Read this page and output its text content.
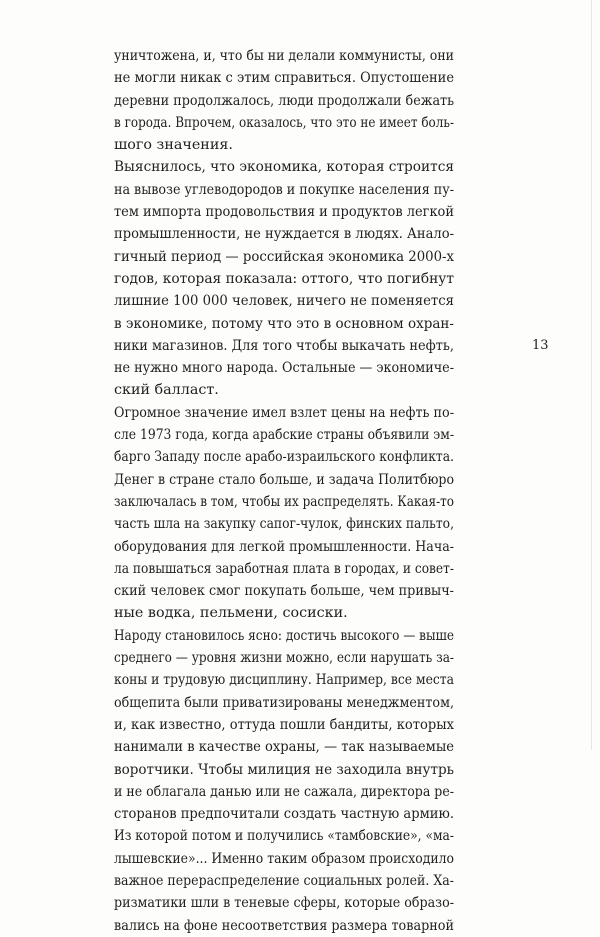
уничтожена, и, что бы ни делали коммунисты, они
не могли никак с этим справиться. Опустошение
деревни продолжалось, люди продолжали бежать
в города. Впрочем, оказалось, что это не имеет боль-
шого значения.
Выяснилось, что экономика, которая строится
на вывозе углеводородов и покупке населения пу-
тем импорта продовольствия и продуктов легкой
промышленности, не нуждается в людях. Анало-
гичный период — российская экономика 2000-х
годов, которая показала: оттого, что погибнут
лишние 100 000 человек, ничего не поменяется
в экономике, потому что это в основном охран-
ники магазинов. Для того чтобы выкачать нефть,
не нужно много народа. Остальные — экономиче-
ский балласт.
Огромное значение имел взлет цены на нефть по-
сле 1973 года, когда арабские страны объявили эм-
барго Западу после арабо-израильского конфликта.
Денег в стране стало больше, и задача Политбюро
заключалась в том, чтобы их распределять. Какая-то
часть шла на закупку сапог-чулок, финских пальто,
оборудования для легкой промышленности. Нача-
ла повышаться заработная плата в городах, и совет-
ский человек смог покупать больше, чем привыч-
ные водка, пельмени, сосиски.
Народу становилось ясно: достичь высокого — выше
среднего — уровня жизни можно, если нарушать за-
коны и трудовую дисциплину. Например, все места
общепита были приватизированы менеджментом,
и, как известно, оттуда пошли бандиты, которых
нанимали в качестве охраны, — так называемые
воротчики. Чтобы милиция не заходила внутрь
и не облагала данью или не сажала, директора ре-
сторанов предпочитали создать частную армию.
Из которой потом и получились «тамбовские», «ма-
лышевские»... Именно таким образом происходило
важное перераспределение социальных ролей. Ха-
ризматики шли в теневые сферы, которые образо-
вались на фоне несоответствия размера товарной
13
